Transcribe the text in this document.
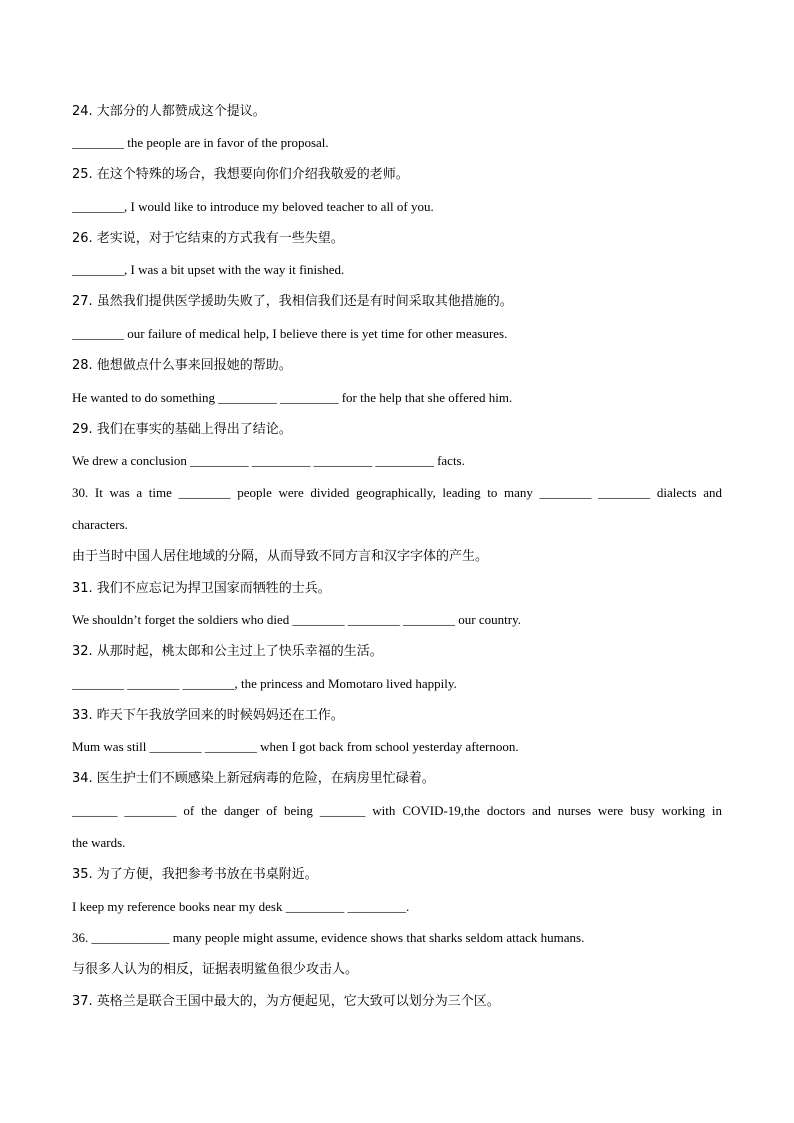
24. 大部分的人都赞成这个提议。
________ the people are in favor of the proposal.
25. 在这个特殊的场合，我想要向你们介绍我敬爱的老师。
________, I would like to introduce my beloved teacher to all of you.
26. 老实说，对于它结束的方式我有一些失望。
________, I was a bit upset with the way it finished.
27. 虽然我们提供医学援助失败了，我相信我们还是有时间采取其他措施的。
________ our failure of medical help, I believe there is yet time for other measures.
28. 他想做点什么事来回报她的帮助。
He wanted to do something _________ _________ for the help that she offered him.
29. 我们在事实的基础上得出了结论。
We drew a conclusion _________ _________ _________ _________ facts.
30. It was a time ________ people were divided geographically, leading to many ________ ________ dialects and
characters.
由于当时中国人居住地域的分隔，从而导致不同方言和汉字字体的产生。
31. 我们不应忘记为捍卫国家而牺牲的士兵。
We shouldn’t forget the soldiers who died ________ ________ ________ our country.
32. 从那时起，桃太郎和公主过上了快乐幸福的生活。
________ ________ ________, the princess and Momotaro lived happily.
33. 昨天下午我放学回来的时候妈妈还在工作。
Mum was still ________ ________ when I got back from school yesterday afternoon.
34. 医生护士们不顾感染上新冠病毒的危险，在病房里忙碌着。
_______ ________ of the danger of being _______ with COVID-19,the doctors and nurses were busy working in
the wards.
35. 为了方便，我把参考书放在书桌附近。
I keep my reference books near my desk _________ _________.
36. ____________ many people might assume, evidence shows that sharks seldom attack humans.
与很多人认为的相反，证据表明鲨鱼很少攻击人。
37. 英格兰是联合王国中最大的，为方便起见，它大致可以划分为三个区。
